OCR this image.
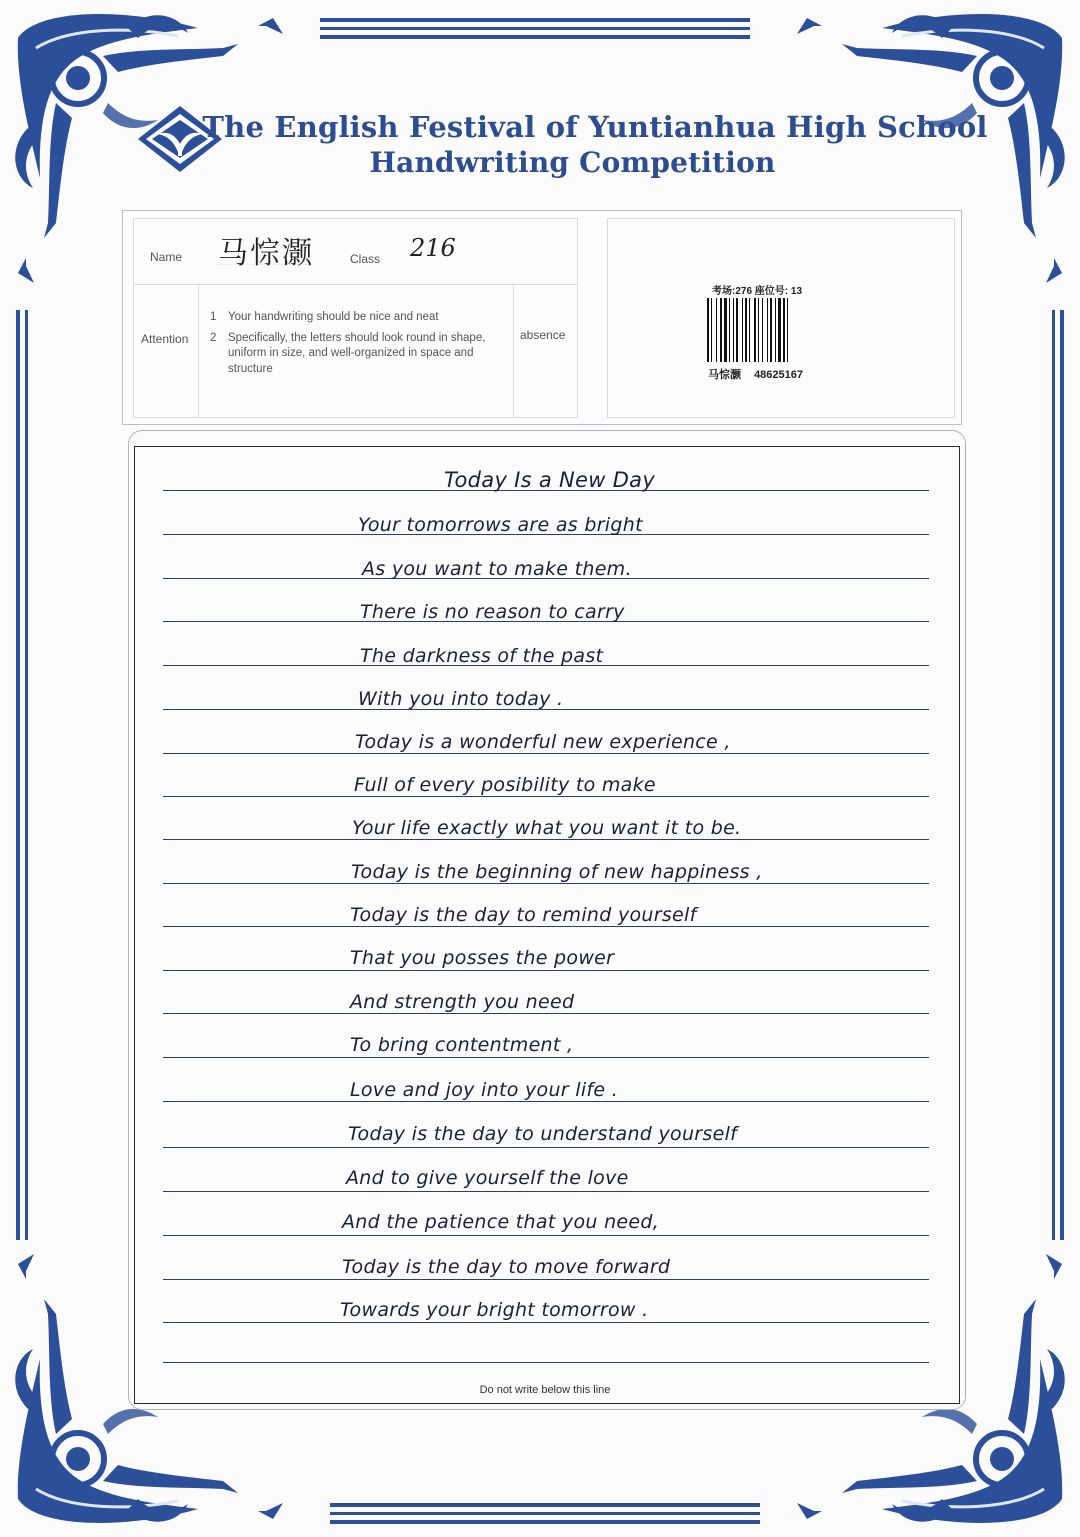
The English Festival of Yuntianhua High School
Handwriting Competition
Name 马悰灏	Class 216
Attention
1 Your handwriting should be nice and neat
2 Specifically, the letters should look round in shape, uniform in size, and well-organized in space and structure
absence
考场:276 座位号: 13
马悰灏 48625167
Today Is a New Day
Your tomorrows are as bright
As you want to make them.
There is no reason to carry
The darkness of the past
With you into today .
Today is a wonderful new experience ,
Full of every posibility to make
Your life exactly what you want it to be.
Today is the beginning of new happiness ,
Today is the day to remind yourself
That you posses the power
And strength you need
To bring contentment ,
Love and joy into your life .
Today is the day to understand yourself
And to give yourself the love
And the patience that you need,
Today is the day to move forward
Towards your bright tomorrow .
Do not write below this line
